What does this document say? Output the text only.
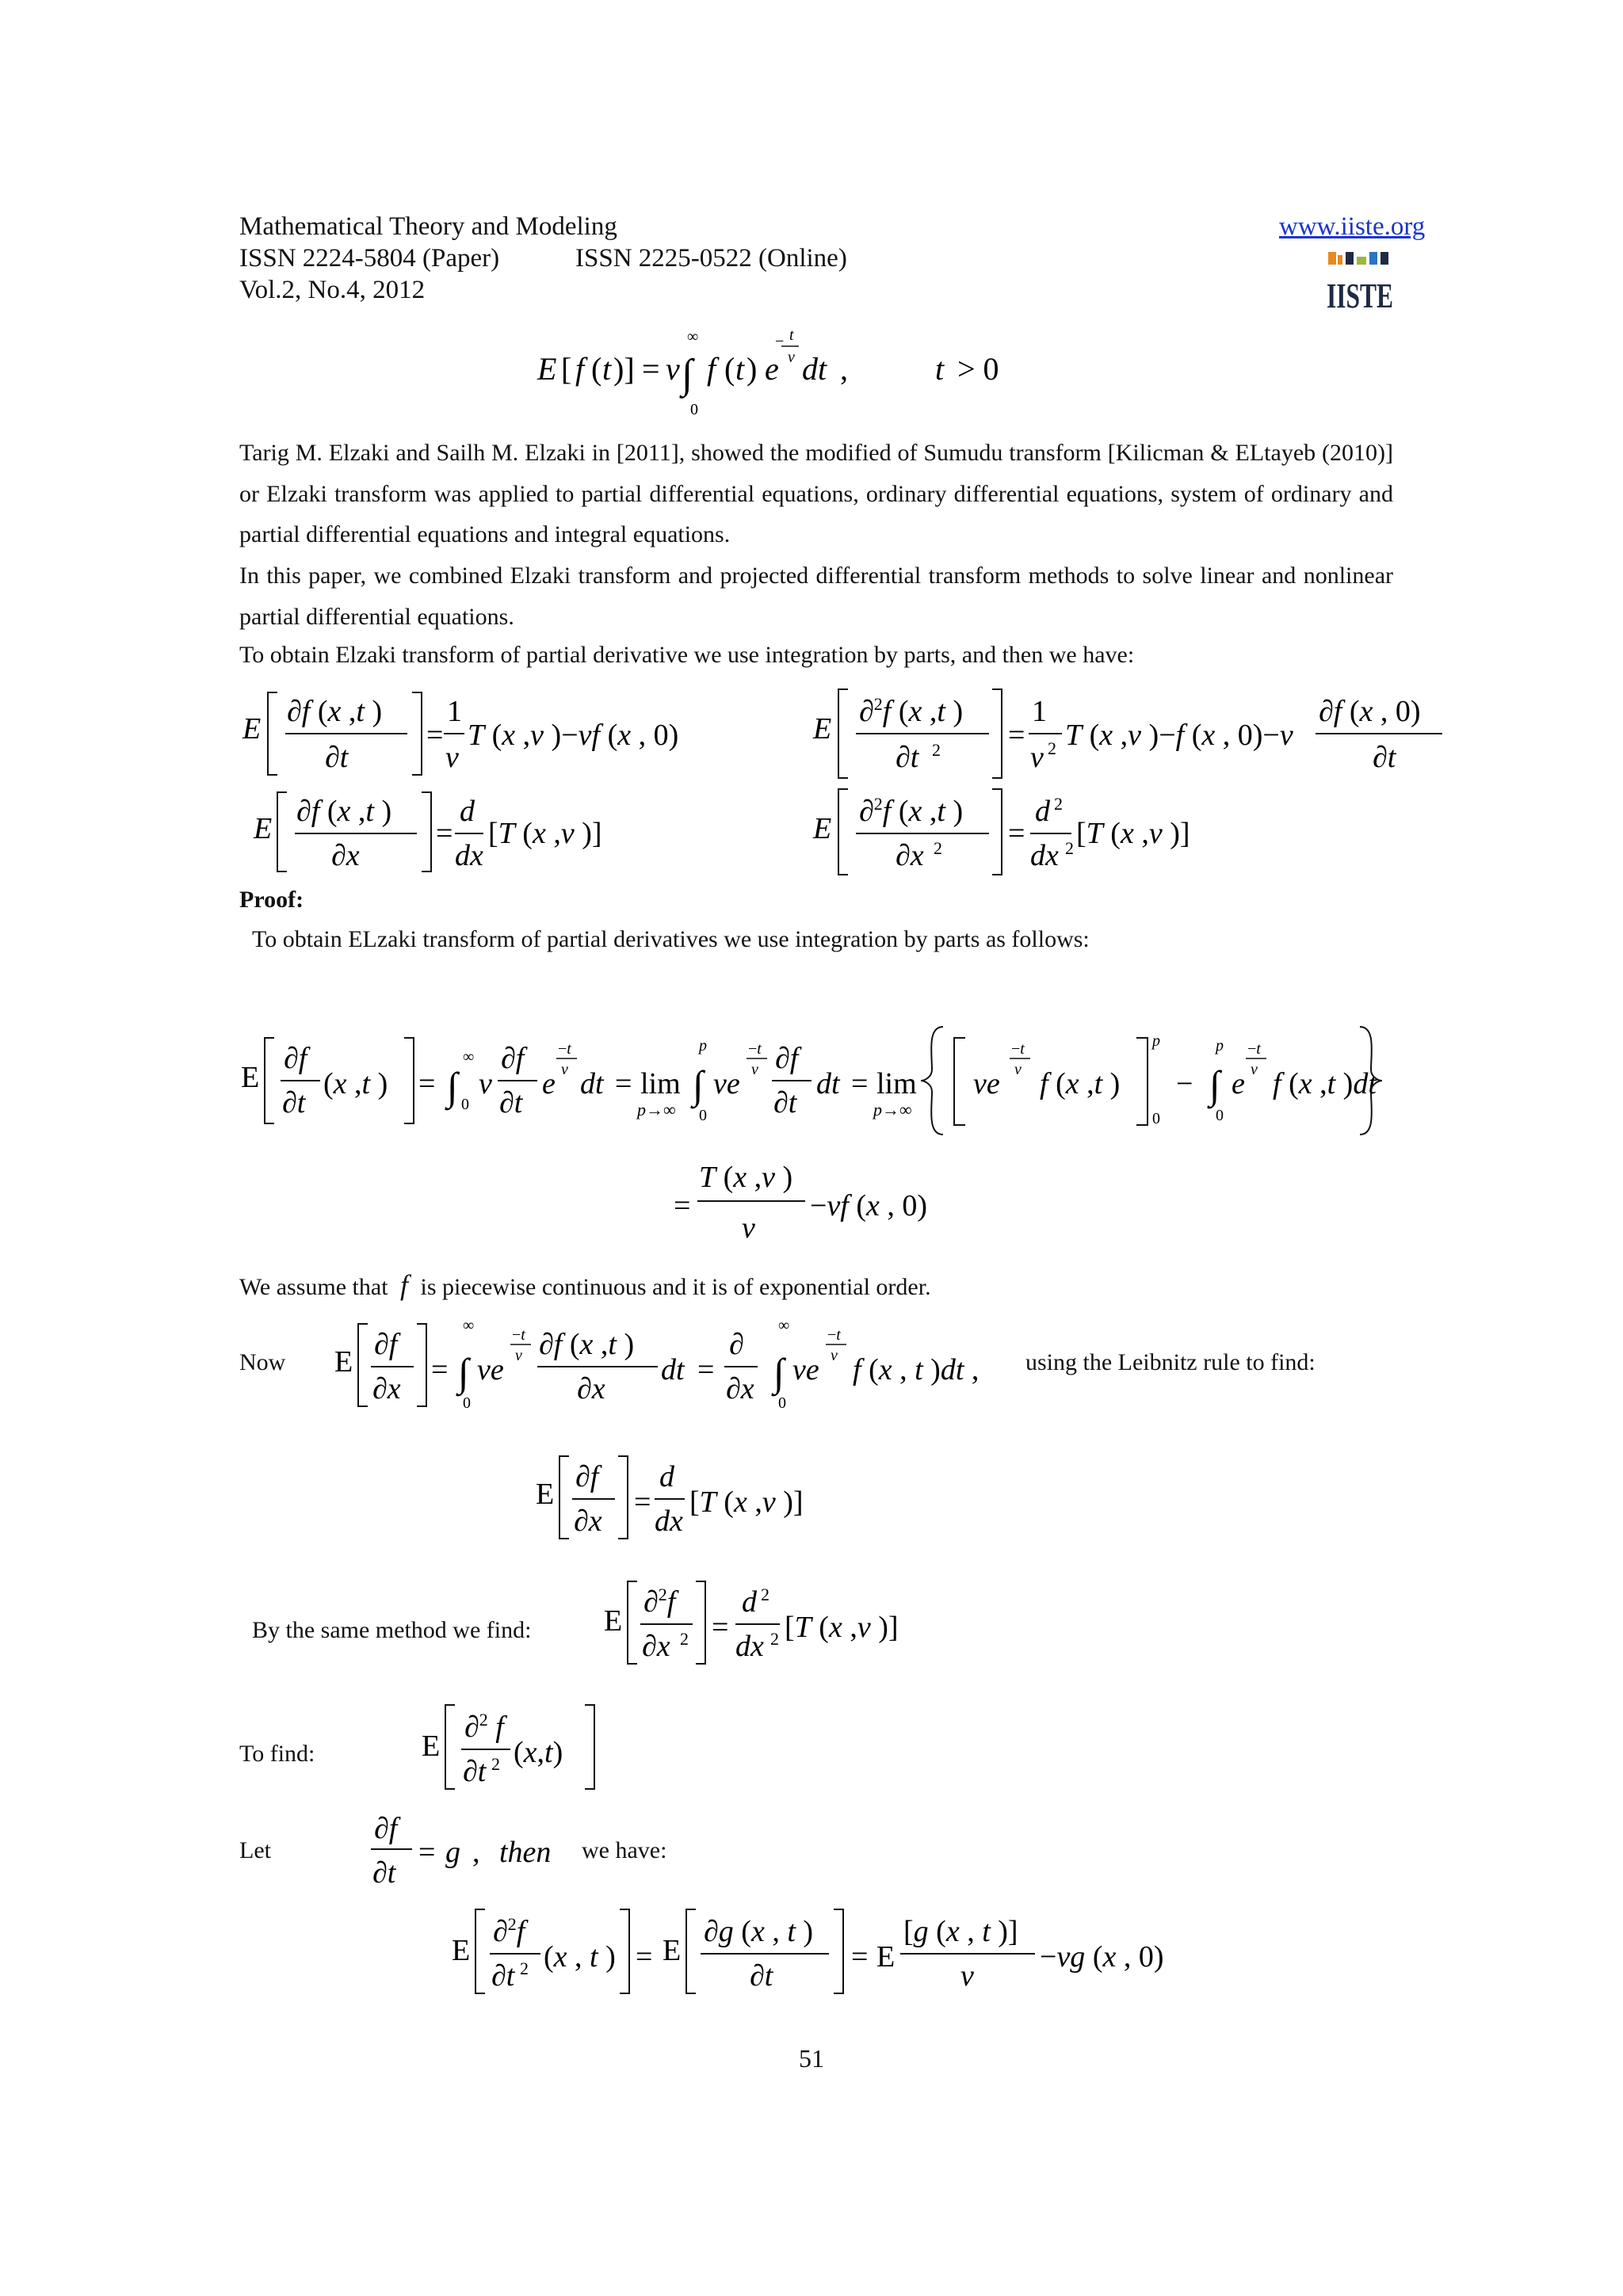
Mathematical Theory and Modeling
ISSN 2224-5804 (Paper)	ISSN 2225-0522 (Online)
Vol.2, No.4, 2012
www.iiste.org
IISTE
E [ f ( t )] = v
∞
∫
0
f ( t ) e
t
−
v dt ,	t > 0
Tarig M. Elzaki and Sailh M. Elzaki in [2011], showed the modified of Sumudu transform [Kilicman & ELtayeb (2010)] or Elzaki transform was applied to partial differential equations, ordinary differential equations, system of ordinary and partial differential equations and integral equations.
In this paper, we combined Elzaki transform and projected differential transform methods to solve linear and nonlinear partial differential equations.
To obtain Elzaki transform of partial derivative we use integration by parts, and then we have:
E
∂f (x ,t )
∂t
=
1
v
T (x ,v )−vf (x , 0)	E
∂$^2$f (x ,t )
∂t 2 =
1
v 2 T (x ,v )−f (x , 0)−v
∂f (x , 0)
∂t
E
∂f (x ,t )
∂x
=
d
dx
[T (x ,v )]	E
∂$^2$f (x ,t )
∂x 2 =
d 2
dx 2 [T (x ,v )]
Proof:
To obtain ELzaki transform of partial derivatives we use integration by parts as follows:
E
∂f
∂t
(x ,t ) = ∫
∞
0
v
∂f
∂t
e
−t
v dt = lim
p→∞
p
∫
0
ve
−t
v ∂f
∂t
dt = lim
p→∞
ve
−t
v f (x ,t )
p
0
−
p
∫
0
e
−t
v f (x ,t )dt
=
T (x ,v )
v
−vf (x , 0)
We assume that f is piecewise continuous and it is of exponential order.
Now E
∂f
∂x
=
∞
∫
0
ve
−t
v ∂f (x ,t )
∂x
dt =
∂
∂x
∞
∫
0
ve
−t
v f (x , t )dt , using the Leibnitz rule to find:
E
∂f
∂x
=
d
dx
[T (x ,v )]
By the same method we find: E
∂$^2$f
∂x 2 =
d 2
dx 2 [T (x ,v )]
To find:	E
∂$^2$ f
∂t 2 (x,t)
Let
∂f
∂t
= g , then we have:
E
∂$^2$f
∂t 2 (x , t ) = E
∂g (x , t )
∂t
= E
[g (x , t )]
v
−vg (x , 0)
51
